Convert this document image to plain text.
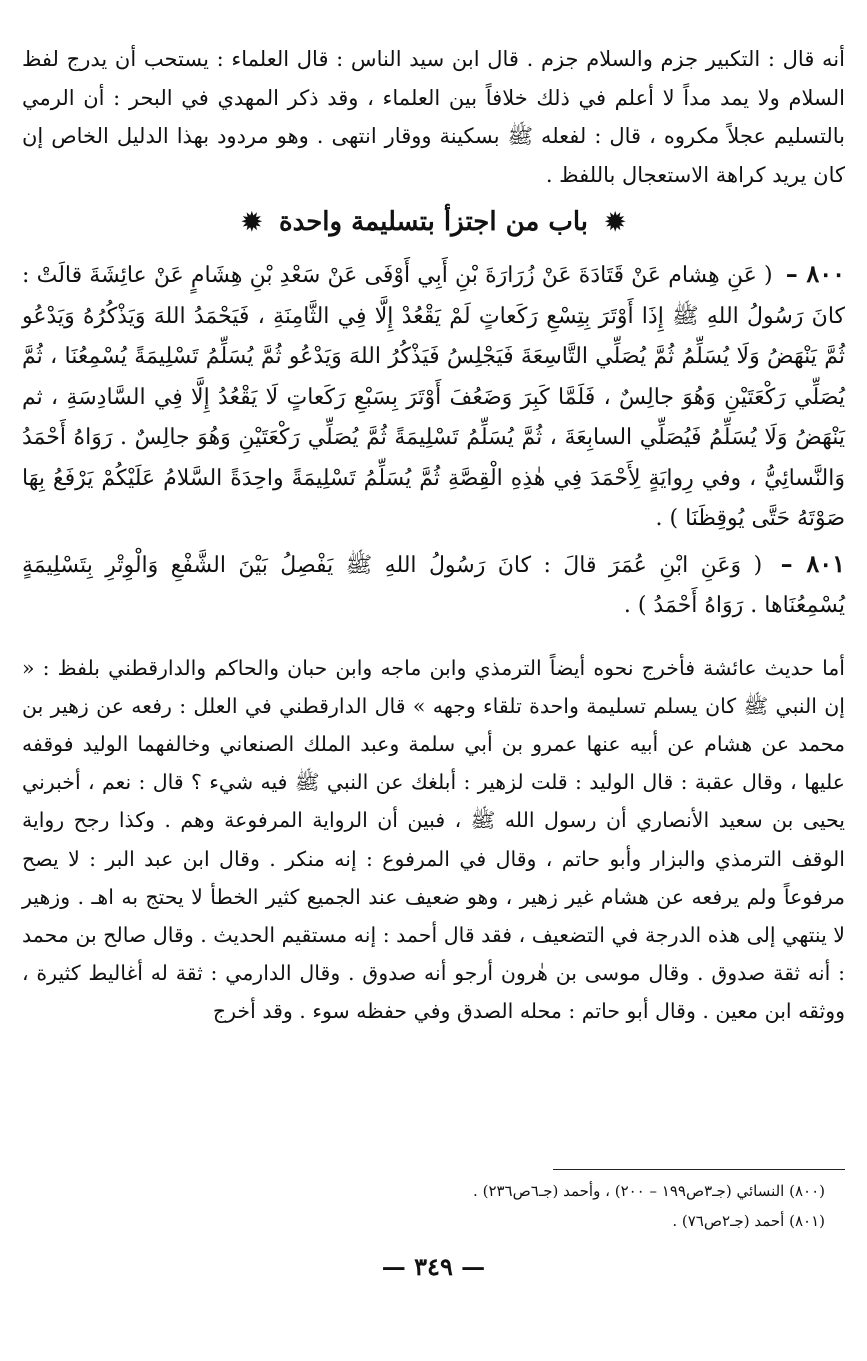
أنه قال : التكبير جزم والسلام جزم . قال ابن سيد الناس : قال العلماء : يستحب أن يدرج لفظ السلام ولا يمد مداً لا أعلم في ذلك خلافاً بين العلماء ، وقد ذكر المهدي في البحر : أن الرمي بالتسليم عجلاً مكروه ، قال : لفعله ﷺ بسكينة ووقار انتهى . وهو مردود بهذا الدليل الخاص إن كان يريد كراهة الاستعجال باللفظ .

✹ باب من اجتزأ بتسليمة واحدة ✹

٨٠٠ – ( عَنِ هِشام عَنْ قَتَادَةَ عَنْ زُرَارَةَ بْنِ أَبِي أَوْفَى عَنْ سَعْدِ بْنِ هِشَامٍ عَنْ عائِشَةَ قالَتْ : كانَ رَسُولُ اللهِ ﷺ إِذَا أَوْتَرَ بِتِسْعِ رَكَعاتٍ لَمْ يَقْعُدْ إِلَّا فِي الثَّامِنَةِ ، فَيَحْمَدُ اللهَ وَيَذْكُرُهُ وَيَدْعُو ثُمَّ يَنْهَضُ وَلَا يُسَلِّمُ ثُمَّ يُصَلِّي التَّاسِعَةَ فَيَجْلِسُ فَيَذْكُرُ اللهَ وَيَدْعُو ثُمَّ يُسَلِّمُ تَسْلِيمَةً يُسْمِعُنَا ، ثُمَّ يُصَلِّي رَكْعَتَيْنِ وَهُوَ جالِسٌ ، فَلَمَّا كَبِرَ وَضَعُفَ أَوْتَرَ بِسَبْعِ رَكَعاتٍ لَا يَقْعُدُ إِلَّا فِي السَّادِسَةِ ، ثم يَنْهَضُ وَلَا يُسَلِّمُ فَيُصَلِّي السابِعَةَ ، ثُمَّ يُسَلِّمُ تَسْلِيمَةً ثُمَّ يُصَلِّي رَكْعَتَيْنِ وَهُوَ جالِسٌ . رَوَاهُ أَحْمَدُ وَالنَّسائِيُّ ، وفي رِوايَةٍ لِأَحْمَدَ فِي هٰذِهِ الْقِصَّةِ ثُمَّ يُسَلِّمُ تَسْلِيمَةً واحِدَةً السَّلامُ عَلَيْكُمْ يَرْفَعُ بِهَا صَوْتَهُ حَتَّى يُوقِظَنَا ) .

٨٠١ – ( وَعَنِ ابْنِ عُمَرَ قالَ : كانَ رَسُولُ اللهِ ﷺ يَفْصِلُ بَيْنَ الشَّفْعِ وَالْوِتْرِ بِتَسْلِيمَةٍ يُسْمِعُنَاها . رَوَاهُ أَحْمَدُ ) .

أما حديث عائشة فأخرج نحوه أيضاً الترمذي وابن ماجه وابن حبان والحاكم والدارقطني بلفظ : « إن النبي ﷺ كان يسلم تسليمة واحدة تلقاء وجهه » قال الدارقطني في العلل : رفعه عن زهير بن محمد عن هشام عن أبيه عنها عمرو بن أبي سلمة وعبد الملك الصنعاني وخالفهما الوليد فوقفه عليها ، وقال عقبة : قال الوليد : قلت لزهير : أبلغك عن النبي ﷺ فيه شيء ؟ قال : نعم ، أخبرني يحيى بن سعيد الأنصاري أن رسول الله ﷺ ، فبين أن الرواية المرفوعة وهم . وكذا رجح رواية الوقف الترمذي والبزار وأبو حاتم ، وقال في المرفوع : إنه منكر . وقال ابن عبد البر : لا يصح مرفوعاً ولم يرفعه عن هشام غير زهير ، وهو ضعيف عند الجميع كثير الخطأ لا يحتج به اهـ . وزهير لا ينتهي إلى هذه الدرجة في التضعيف ، فقد قال أحمد : إنه مستقيم الحديث . وقال صالح بن محمد : أنه ثقة صدوق . وقال موسى بن هٰرون أرجو أنه صدوق . وقال الدارمي : ثقة له أغاليط كثيرة ، ووثقه ابن معين . وقال أبو حاتم : محله الصدق وفي حفظه سوء . وقد أخرج

(٨٠٠) النسائي (جـ٣ص١٩٩ – ٢٠٠) ، وأحمد (جـ٦ص٢٣٦) .
(٨٠١) أحمد (جـ٢ص٧٦) .
— ٣٤٩ —
